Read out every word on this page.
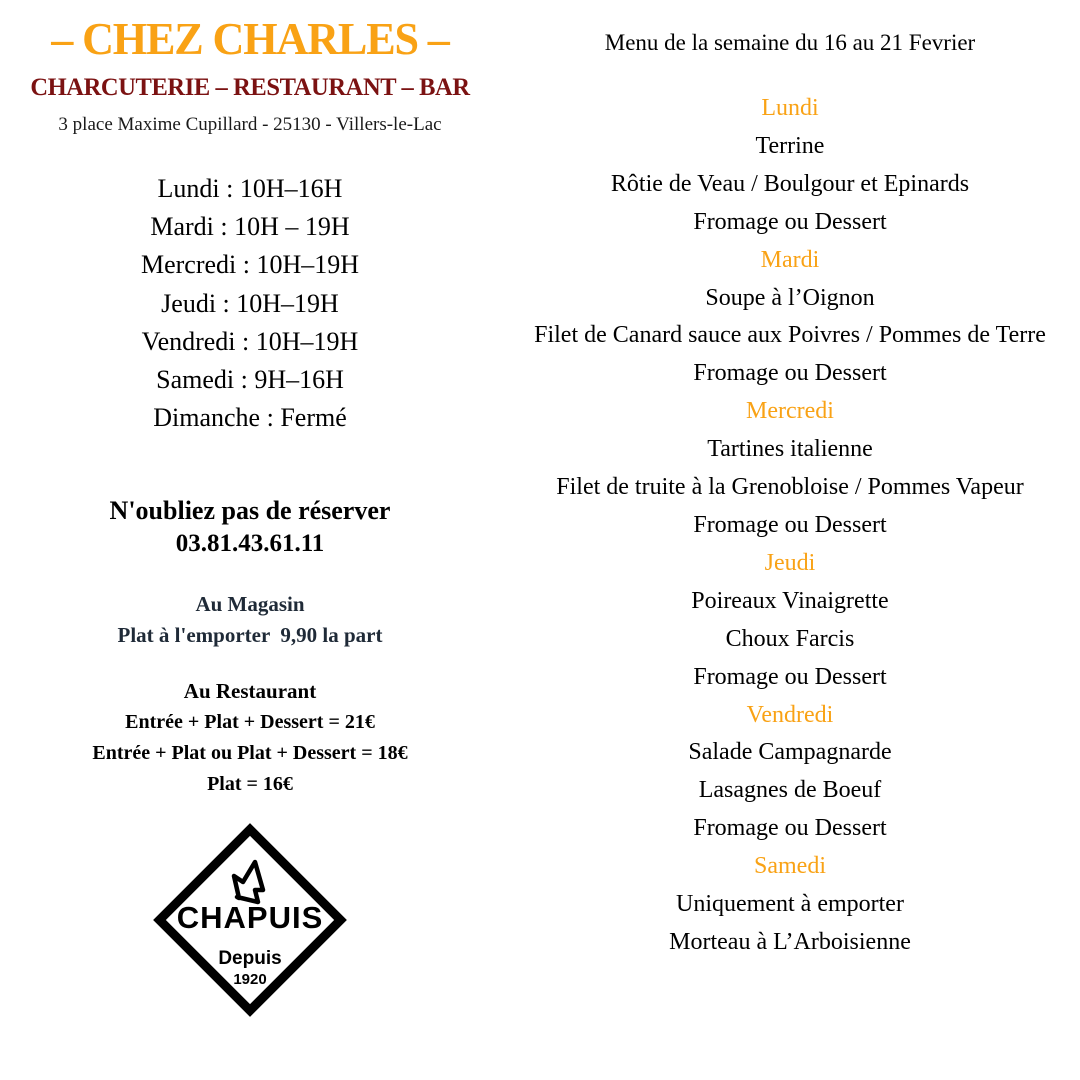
– CHEZ CHARLES –
CHARCUTERIE – RESTAURANT – BAR
3 place Maxime Cupillard - 25130 - Villers-le-Lac
Lundi : 10H–16H
Mardi : 10H – 19H
Mercredi : 10H–19H
Jeudi : 10H–19H
Vendredi : 10H–19H
Samedi : 9H–16H
Dimanche : Fermé
N'oubliez pas de réserver
03.81.43.61.11
Au Magasin
Plat à l'emporter  9,90 la part
Au Restaurant
Entrée + Plat + Dessert = 21€
Entrée + Plat ou Plat + Dessert = 18€
Plat = 16€
CHAPUIS
Depuis
1920
Menu de la semaine du 16 au 21 Fevrier
Lundi
Terrine
Rôtie de Veau / Boulgour et Epinards
Fromage ou Dessert
Mardi
Soupe à l’Oignon
Filet de Canard sauce aux Poivres / Pommes de Terre
Fromage ou Dessert
Mercredi
Tartines italienne
Filet de truite à la Grenobloise / Pommes Vapeur
Fromage ou Dessert
Jeudi
Poireaux Vinaigrette
Choux Farcis
Fromage ou Dessert
Vendredi
Salade Campagnarde
Lasagnes de Boeuf
Fromage ou Dessert
Samedi
Uniquement à emporter
Morteau à L’Arboisienne
